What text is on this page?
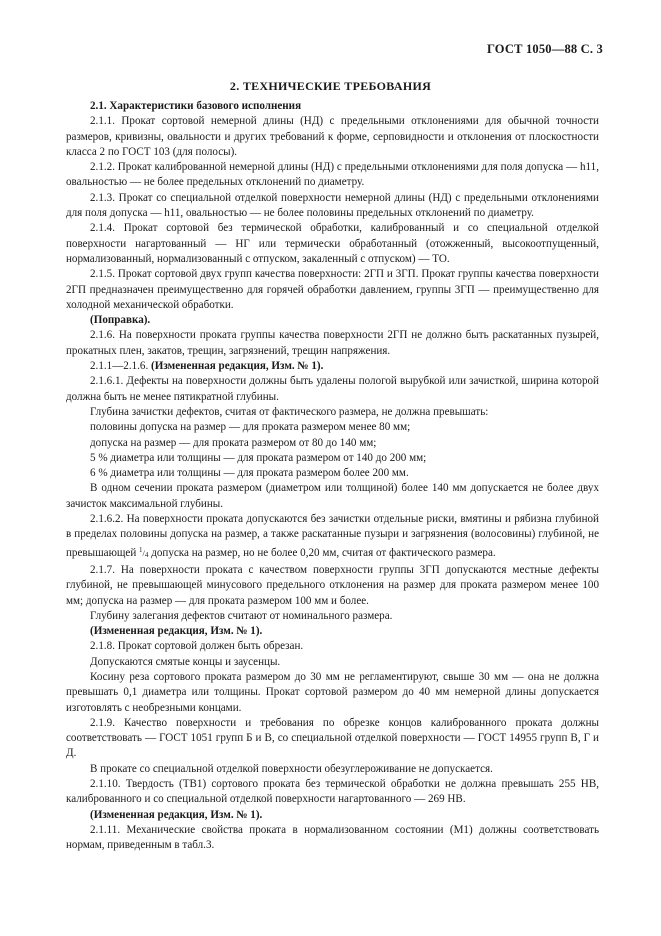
ГОСТ 1050—88 С. 3
2. ТЕХНИЧЕСКИЕ ТРЕБОВАНИЯ

2.1. Характеристики базового исполнения

2.1.1. Прокат сортовой немерной длины (НД) с предельными отклонениями для обычной точности размеров, кривизны, овальности и других требований к форме, серповидности и отклонения от плоскостности класса 2 по ГОСТ 103 (для полосы).

2.1.2. Прокат калиброванной немерной длины (НД) с предельными отклонениями для поля допуска — h11, овальностью — не более предельных отклонений по диаметру.

2.1.3. Прокат со специальной отделкой поверхности немерной длины (НД) с предельными отклонениями для поля допуска — h11, овальностью — не более половины предельных отклонений по диаметру.

2.1.4. Прокат сортовой без термической обработки, калиброванный и со специальной отделкой поверхности нагартованный — НГ или термически обработанный (отожженный, высокоотпущенный, нормализованный, нормализованный с отпуском, закаленный с отпуском) — ТО.

2.1.5. Прокат сортовой двух групп качества поверхности: 2ГП и 3ГП. Прокат группы качества поверхности 2ГП предназначен преимущественно для горячей обработки давлением, группы 3ГП — преимущественно для холодной механической обработки.

(Поправка).

2.1.6. На поверхности проката группы качества поверхности 2ГП не должно быть раскатанных пузырей, прокатных плен, закатов, трещин, загрязнений, трещин напряжения.

2.1.1—2.1.6. (Измененная редакция, Изм. № 1).

2.1.6.1. Дефекты на поверхности должны быть удалены пологой вырубкой или зачисткой, ширина которой должна быть не менее пятикратной глубины.

Глубина зачистки дефектов, считая от фактического размера, не должна превышать:

половины допуска на размер — для проката размером менее 80 мм;

допуска на размер — для проката размером от 80 до 140 мм;

5 % диаметра или толщины — для проката размером от 140 до 200 мм;

6 % диаметра или толщины — для проката размером более 200 мм.

В одном сечении проката размером (диаметром или толщиной) более 140 мм допускается не более двух зачисток максимальной глубины.

2.1.6.2. На поверхности проката допускаются без зачистки отдельные риски, вмятины и рябизна глубиной в пределах половины допуска на размер, а также раскатанные пузыри и загрязнения (волосовины) глубиной, не превышающей $^1/_4$ допуска на размер, но не более 0,20 мм, считая от фактического размера.

2.1.7. На поверхности проката с качеством поверхности группы 3ГП допускаются местные дефекты глубиной, не превышающей минусового предельного отклонения на размер для проката размером менее 100 мм; допуска на размер — для проката размером 100 мм и более.

Глубину залегания дефектов считают от номинального размера.

(Измененная редакция, Изм. № 1).

2.1.8. Прокат сортовой должен быть обрезан.

Допускаются смятые концы и заусенцы.

Косину реза сортового проката размером до 30 мм не регламентируют, свыше 30 мм — она не должна превышать 0,1 диаметра или толщины. Прокат сортовой размером до 40 мм немерной длины допускается изготовлять с необрезными концами.

2.1.9. Качество поверхности и требования по обрезке концов калиброванного проката должны соответствовать — ГОСТ 1051 групп Б и В, со специальной отделкой поверхности — ГОСТ 14955 групп В, Г и Д.

В прокате со специальной отделкой поверхности обезуглероживание не допускается.

2.1.10. Твердость (ТВ1) сортового проката без термической обработки не должна превышать 255 НВ, калиброванного и со специальной отделкой поверхности нагартованного — 269 НВ.

(Измененная редакция, Изм. № 1).

2.1.11. Механические свойства проката в нормализованном состоянии (М1) должны соответствовать нормам, приведенным в табл.3.
